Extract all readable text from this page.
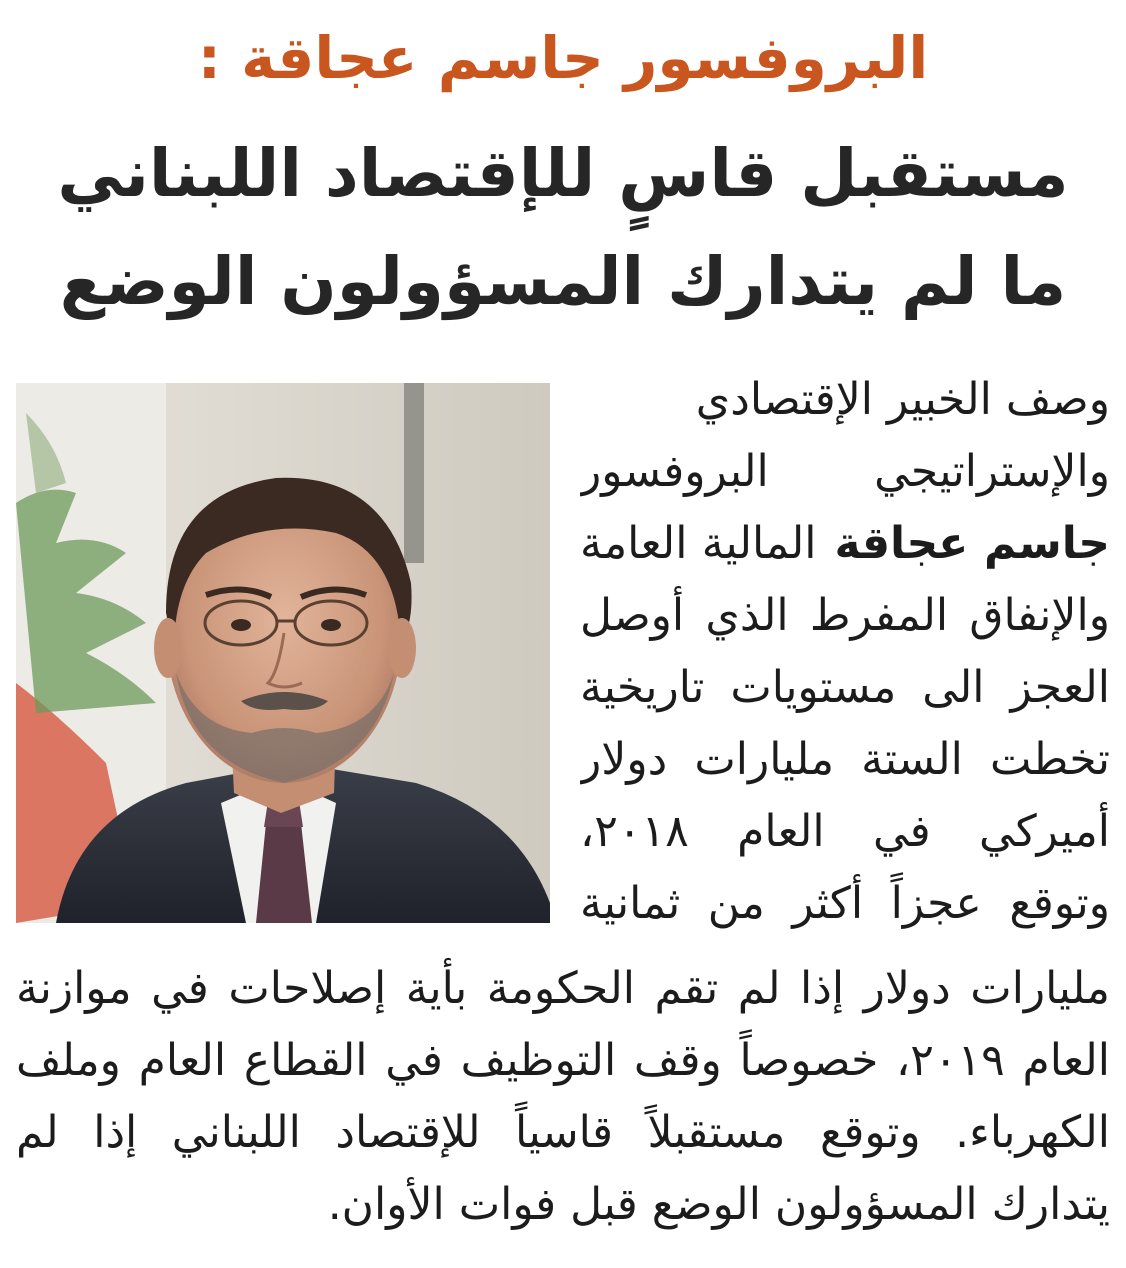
البروفسور جاسم عجاقة :
مستقبل قاسٍ للإقتصاد اللبناني
ما لم يتدارك المسؤولون الوضع
وصف الخبير الإقتصادي
والإستراتيجي البروفسور
جاسم عجاقةالمالية العامة
والإنفاق المفرط الذي أوصل
العجز الى مستويات تاريخية
تخطت الستة مليارات دولار
أميركي في العام ٢٠١٨،
وتوقع عجزاً أكثر من ثمانية
مليارات دولار إذا لم تقم الحكومة بأية إصلاحات في موازنة
العام ٢٠١٩، خصوصاً وقف التوظيف في القطاع العام وملف
الكهرباء. وتوقع مستقبلاً قاسياً للإقتصاد اللبناني إذا لم
يتدارك المسؤولون الوضع قبل فوات الأوان.
